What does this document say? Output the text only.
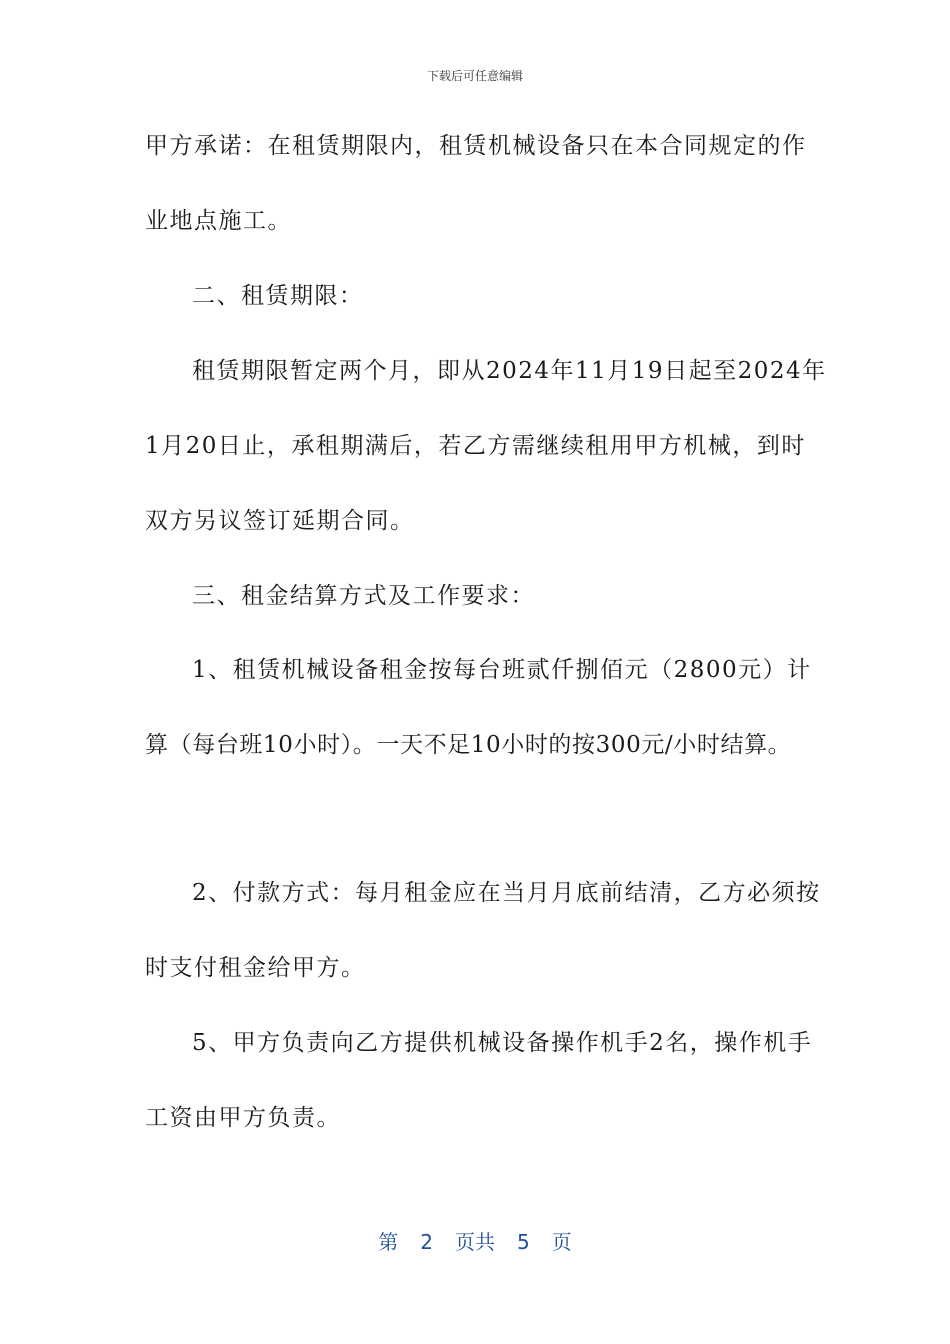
下载后可任意编辑
甲方承诺：在租赁期限内，租赁机械设备只在本合同规定的作
业地点施工。
二、租赁期限：
租赁期限暂定两个月，即从2024年11月19日起至2024年
1月20日止，承租期满后，若乙方需继续租用甲方机械，到时
双方另议签订延期合同。
三、租金结算方式及工作要求：
1、租赁机械设备租金按每台班贰仟捌佰元（2800元）计
算（每台班10小时）。一天不足10小时的按300元/小时结算。
2、付款方式：每月租金应在当月月底前结清，乙方必须按
时支付租金给甲方。
5、甲方负责向乙方提供机械设备操作机手2名，操作机手
工资由甲方负责。
第 2 页共 5 页
